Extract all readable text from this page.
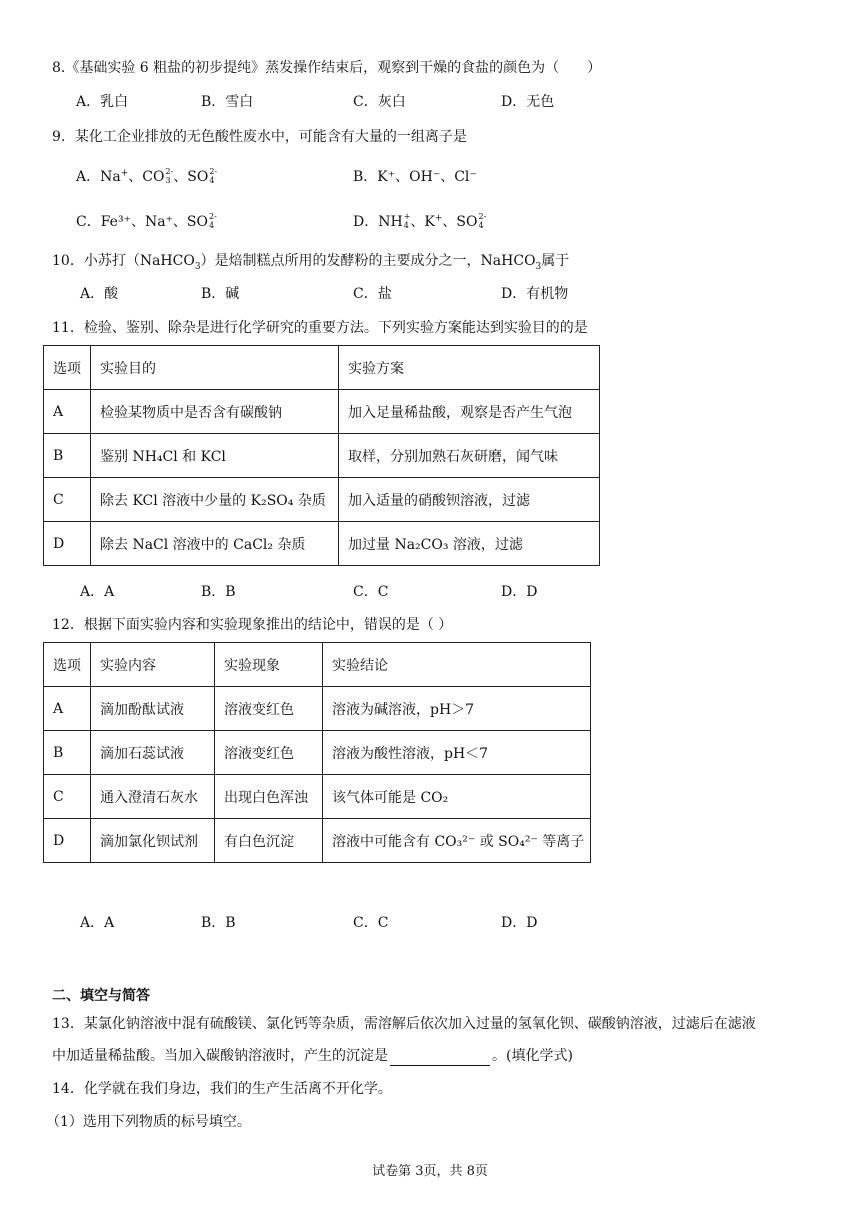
8.《基础实验 6 粗盐的初步提纯》蒸发操作结束后，观察到干燥的食盐的颜色为（　　）
A．乳白	B．雪白	C．灰白	D．无色
9．某化工企业排放的无色酸性废水中，可能含有大量的一组离子是
A．Na+、CO 2-
3 、SO 2-
4	B．K⁺、OH⁻、Cl⁻
C．Fe³⁺、Na⁺、SO 2-
4	D．NH +
4 、K+、SO 2-
4
10．小苏打（NaHCO$_3$）是焙制糕点所用的发酵粉的主要成分之一，NaHCO$_3$属于
A．酸	B．碱	C．盐	D．有机物
11．检验、鉴别、除杂是进行化学研究的重要方法。下列实验方案能达到实验目的的是
选项	实验目的	实验方案
A	检验某物质中是否含有碳酸钠	加入足量稀盐酸，观察是否产生气泡
B	鉴别 NH₄Cl 和 KCl	取样，分别加熟石灰研磨，闻气味
C	除去 KCl 溶液中少量的 K₂SO₄ 杂质	加入适量的硝酸钡溶液，过滤
D	除去 NaCl 溶液中的 CaCl₂ 杂质	加过量 Na₂CO₃ 溶液，过滤
A．A	B．B	C．C	D．D
12．根据下面实验内容和实验现象推出的结论中，错误的是（ ）
选项	实验内容	实验现象	实验结论
A	滴加酚酞试液	溶液变红色	溶液为碱溶液，pH＞7
B	滴加石蕊试液	溶液变红色	溶液为酸性溶液，pH＜7
C	通入澄清石灰水	出现白色浑浊	该气体可能是 CO₂
D	滴加氯化钡试剂	有白色沉淀	溶液中可能含有 CO₃²⁻ 或 SO₄²⁻ 等离子
A．A	B．B	C．C	D．D
二、填空与简答
13．某氯化钠溶液中混有硫酸镁、氯化钙等杂质，需溶解后依次加入过量的氢氧化钡、碳酸钠溶液，过滤后在滤液
中加适量稀盐酸。当加入碳酸钠溶液时，产生的沉淀是	。(填化学式)
14．化学就在我们身边，我们的生产生活离不开化学。
（1）选用下列物质的标号填空。
试卷第 3页，共 8页
